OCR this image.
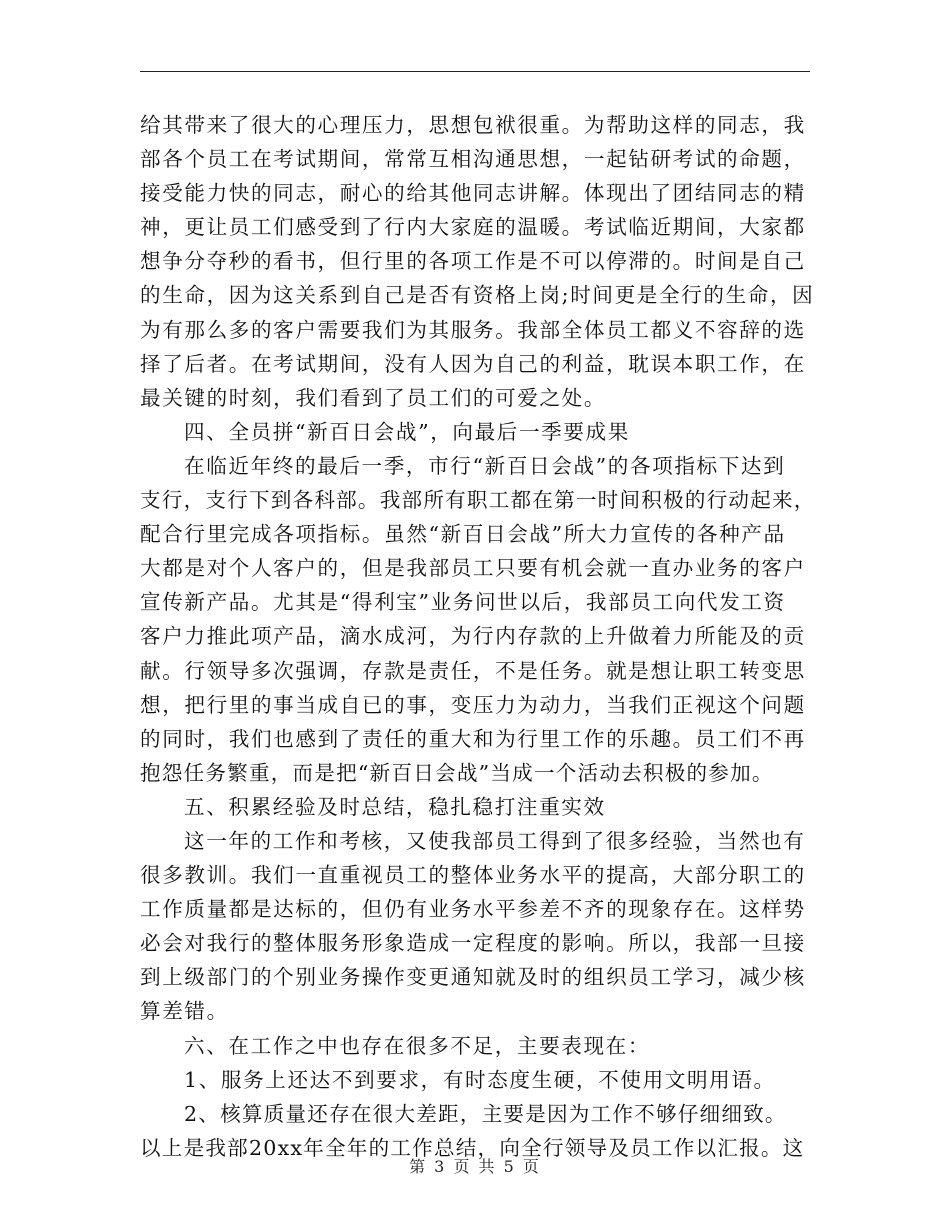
给其带来了很大的心理压力，思想包袱很重。为帮助这样的同志，我
部各个员工在考试期间，常常互相沟通思想，一起钻研考试的命题，
接受能力快的同志，耐心的给其他同志讲解。体现出了团结同志的精
神，更让员工们感受到了行内大家庭的温暖。考试临近期间，大家都
想争分夺秒的看书，但行里的各项工作是不可以停滞的。时间是自己
的生命，因为这关系到自己是否有资格上岗;时间更是全行的生命，因
为有那么多的客户需要我们为其服务。我部全体员工都义不容辞的选
择了后者。在考试期间，没有人因为自己的利益，耽误本职工作，在
最关键的时刻，我们看到了员工们的可爱之处。
四、全员拼“新百日会战”，向最后一季要成果
在临近年终的最后一季，市行“新百日会战”的各项指标下达到
支行，支行下到各科部。我部所有职工都在第一时间积极的行动起来，
配合行里完成各项指标。虽然“新百日会战”所大力宣传的各种产品
大都是对个人客户的，但是我部员工只要有机会就一直办业务的客户
宣传新产品。尤其是“得利宝”业务问世以后，我部员工向代发工资
客户力推此项产品，滴水成河，为行内存款的上升做着力所能及的贡
献。行领导多次强调，存款是责任，不是任务。就是想让职工转变思
想，把行里的事当成自已的事，变压力为动力，当我们正视这个问题
的同时，我们也感到了责任的重大和为行里工作的乐趣。员工们不再
抱怨任务繁重，而是把“新百日会战”当成一个活动去积极的参加。
五、积累经验及时总结，稳扎稳打注重实效
这一年的工作和考核，又使我部员工得到了很多经验，当然也有
很多教训。我们一直重视员工的整体业务水平的提高，大部分职工的
工作质量都是达标的，但仍有业务水平参差不齐的现象存在。这样势
必会对我行的整体服务形象造成一定程度的影响。所以，我部一旦接
到上级部门的个别业务操作变更通知就及时的组织员工学习，减少核
算差错。
六、在工作之中也存在很多不足，主要表现在：
1、服务上还达不到要求，有时态度生硬，不使用文明用语。
2、核算质量还存在很大差距，主要是因为工作不够仔细细致。
以上是我部20xx年全年的工作总结，向全行领导及员工作以汇报。这
第 3 页 共 5 页
